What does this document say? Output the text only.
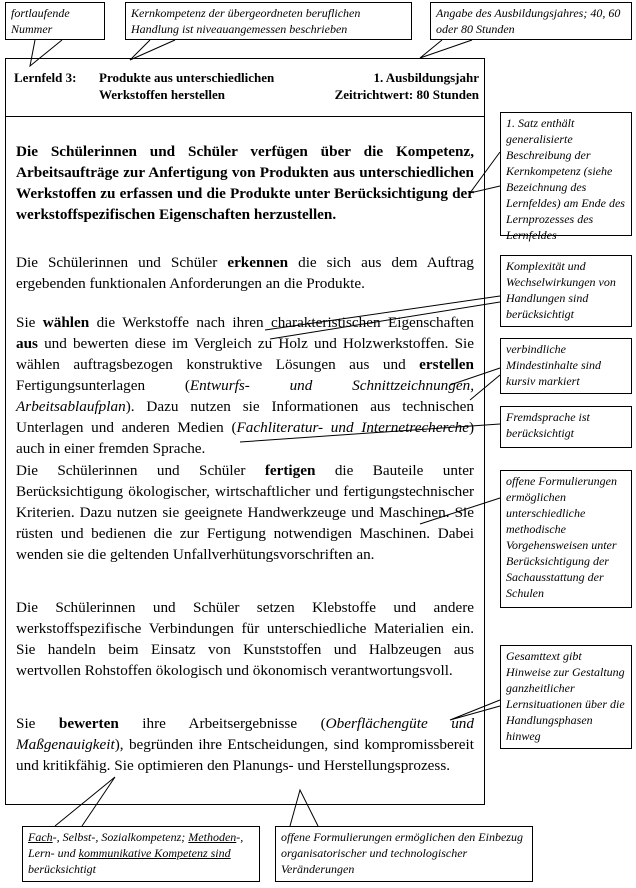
fortlaufende Nummer
Kernkompetenz der übergeordneten beruflichen Handlung ist niveauangemessen beschrieben
Angabe des Ausbildungsjahres; 40, 60 oder 80 Stunden
1. Satz enthält generalisierte Beschreibung der Kernkompetenz (siehe Bezeichnung des Lernfeldes) am Ende des Lernprozesses des Lernfeldes
Komplexität und Wechselwirkungen von Handlungen sind berücksichtigt
verbindliche Mindestinhalte sind kursiv markiert
Fremdsprache ist berücksichtigt
offene Formulierungen ermöglichen unterschiedliche methodische Vorgehensweisen unter Berücksichtigung der Sachausstattung der Schulen
Gesamttext gibt Hinweise zur Gestaltung ganzheitlicher Lernsituationen über die Handlungsphasen hinweg
Fach-, Selbst-, Sozialkompetenz; Methoden-, Lern- und kommunikative Kompetenz sind berücksichtigt
offene Formulierungen ermöglichen den Einbezug organisatorischer und technologischer Veränderungen
Lernfeld 3: Produkte aus unterschiedlichen
Werkstoffen herstellen
1. Ausbildungsjahr
Zeitrichtwert: 80 Stunden
Die Schülerinnen und Schüler verfügen über die Kompetenz, Arbeitsaufträge zur Anfertigung von Produkten aus unterschiedlichen Werkstoffen zu erfassen und die Produkte unter Berücksichtigung der werkstoffspezifischen Eigenschaften herzustellen.
Die Schülerinnen und Schüler erkennen die sich aus dem Auftrag ergebenden funktionalen Anforderungen an die Produkte.
Sie wählen die Werkstoffe nach ihren charakteristischen Eigenschaften aus und bewerten diese im Vergleich zu Holz und Holzwerkstoffen. Sie wählen auftragsbezogen konstruktive Lösungen aus und erstellen Fertigungsunterlagen (Entwurfs- und Schnittzeichnungen, Arbeitsablaufplan). Dazu nutzen sie Informationen aus technischen Unterlagen und anderen Medien (Fachliteratur- und Internetrecherche) auch in einer fremden Sprache.
Die Schülerinnen und Schüler fertigen die Bauteile unter Berücksichtigung ökologischer, wirtschaftlicher und fertigungstechnischer Kriterien. Dazu nutzen sie geeignete Handwerkzeuge und Maschinen. Sie rüsten und bedienen die zur Fertigung notwendigen Maschinen. Dabei wenden sie die geltenden Unfallverhütungsvorschriften an.
Die Schülerinnen und Schüler setzen Klebstoffe und andere werkstoffspezifische Verbindungen für unterschiedliche Materialien ein. Sie handeln beim Einsatz von Kunststoffen und Halbzeugen aus wertvollen Rohstoffen ökologisch und ökonomisch verantwortungsvoll.
Sie bewerten ihre Arbeitsergebnisse (Oberflächengüte und Maßgenauigkeit), begründen ihre Entscheidungen, sind kompromissbereit und kritikfähig. Sie optimieren den Planungs- und Herstellungsprozess.
